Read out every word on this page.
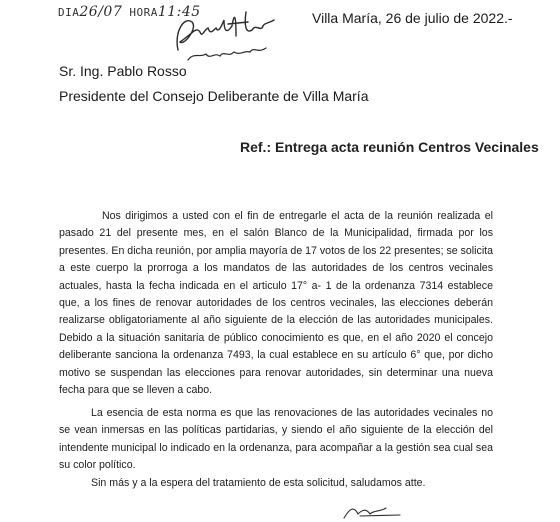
DIA26/07 HORA11:45	Villa María, 26 de julio de 2022.-
Sr. Ing. Pablo Rosso
Presidente del Consejo Deliberante de Villa María
Ref.: Entrega acta reunión Centros Vecinales

Nos dirigimos a usted con el fin de entregarle el acta de la reunión realizada el pasado 21 del presente mes, en el salón Blanco de la Municipalidad, firmada por los presentes. En dicha reunión, por amplia mayoría de 17 votos de los 22 presentes; se solicita a este cuerpo la prorroga a los mandatos de las autoridades de los centros vecinales actuales, hasta la fecha indicada en el articulo 17° a- 1 de la ordenanza 7314 establece que, a los fines de renovar autoridades de los centros vecinales, las elecciones deberán realizarse obligatoriamente al año siguiente de la elección de las autoridades municipales. Debido a la situación sanitaria de público conocimiento es que, en el año 2020 el concejo deliberante sanciona la ordenanza 7493, la cual establece en su artículo 6° que, por dicho motivo se suspendan las elecciones para renovar autoridades, sin determinar una nueva fecha para que se lleven a cabo.

La esencia de esta norma es que las renovaciones de las autoridades vecinales no se vean inmersas en las políticas partidarias, y siendo el año siguiente de la elección del intendente municipal lo indicado en la ordenanza, para acompañar a la gestión sea cual sea su color político.

Sin más y a la espera del tratamiento de esta solicitud, saludamos atte.
